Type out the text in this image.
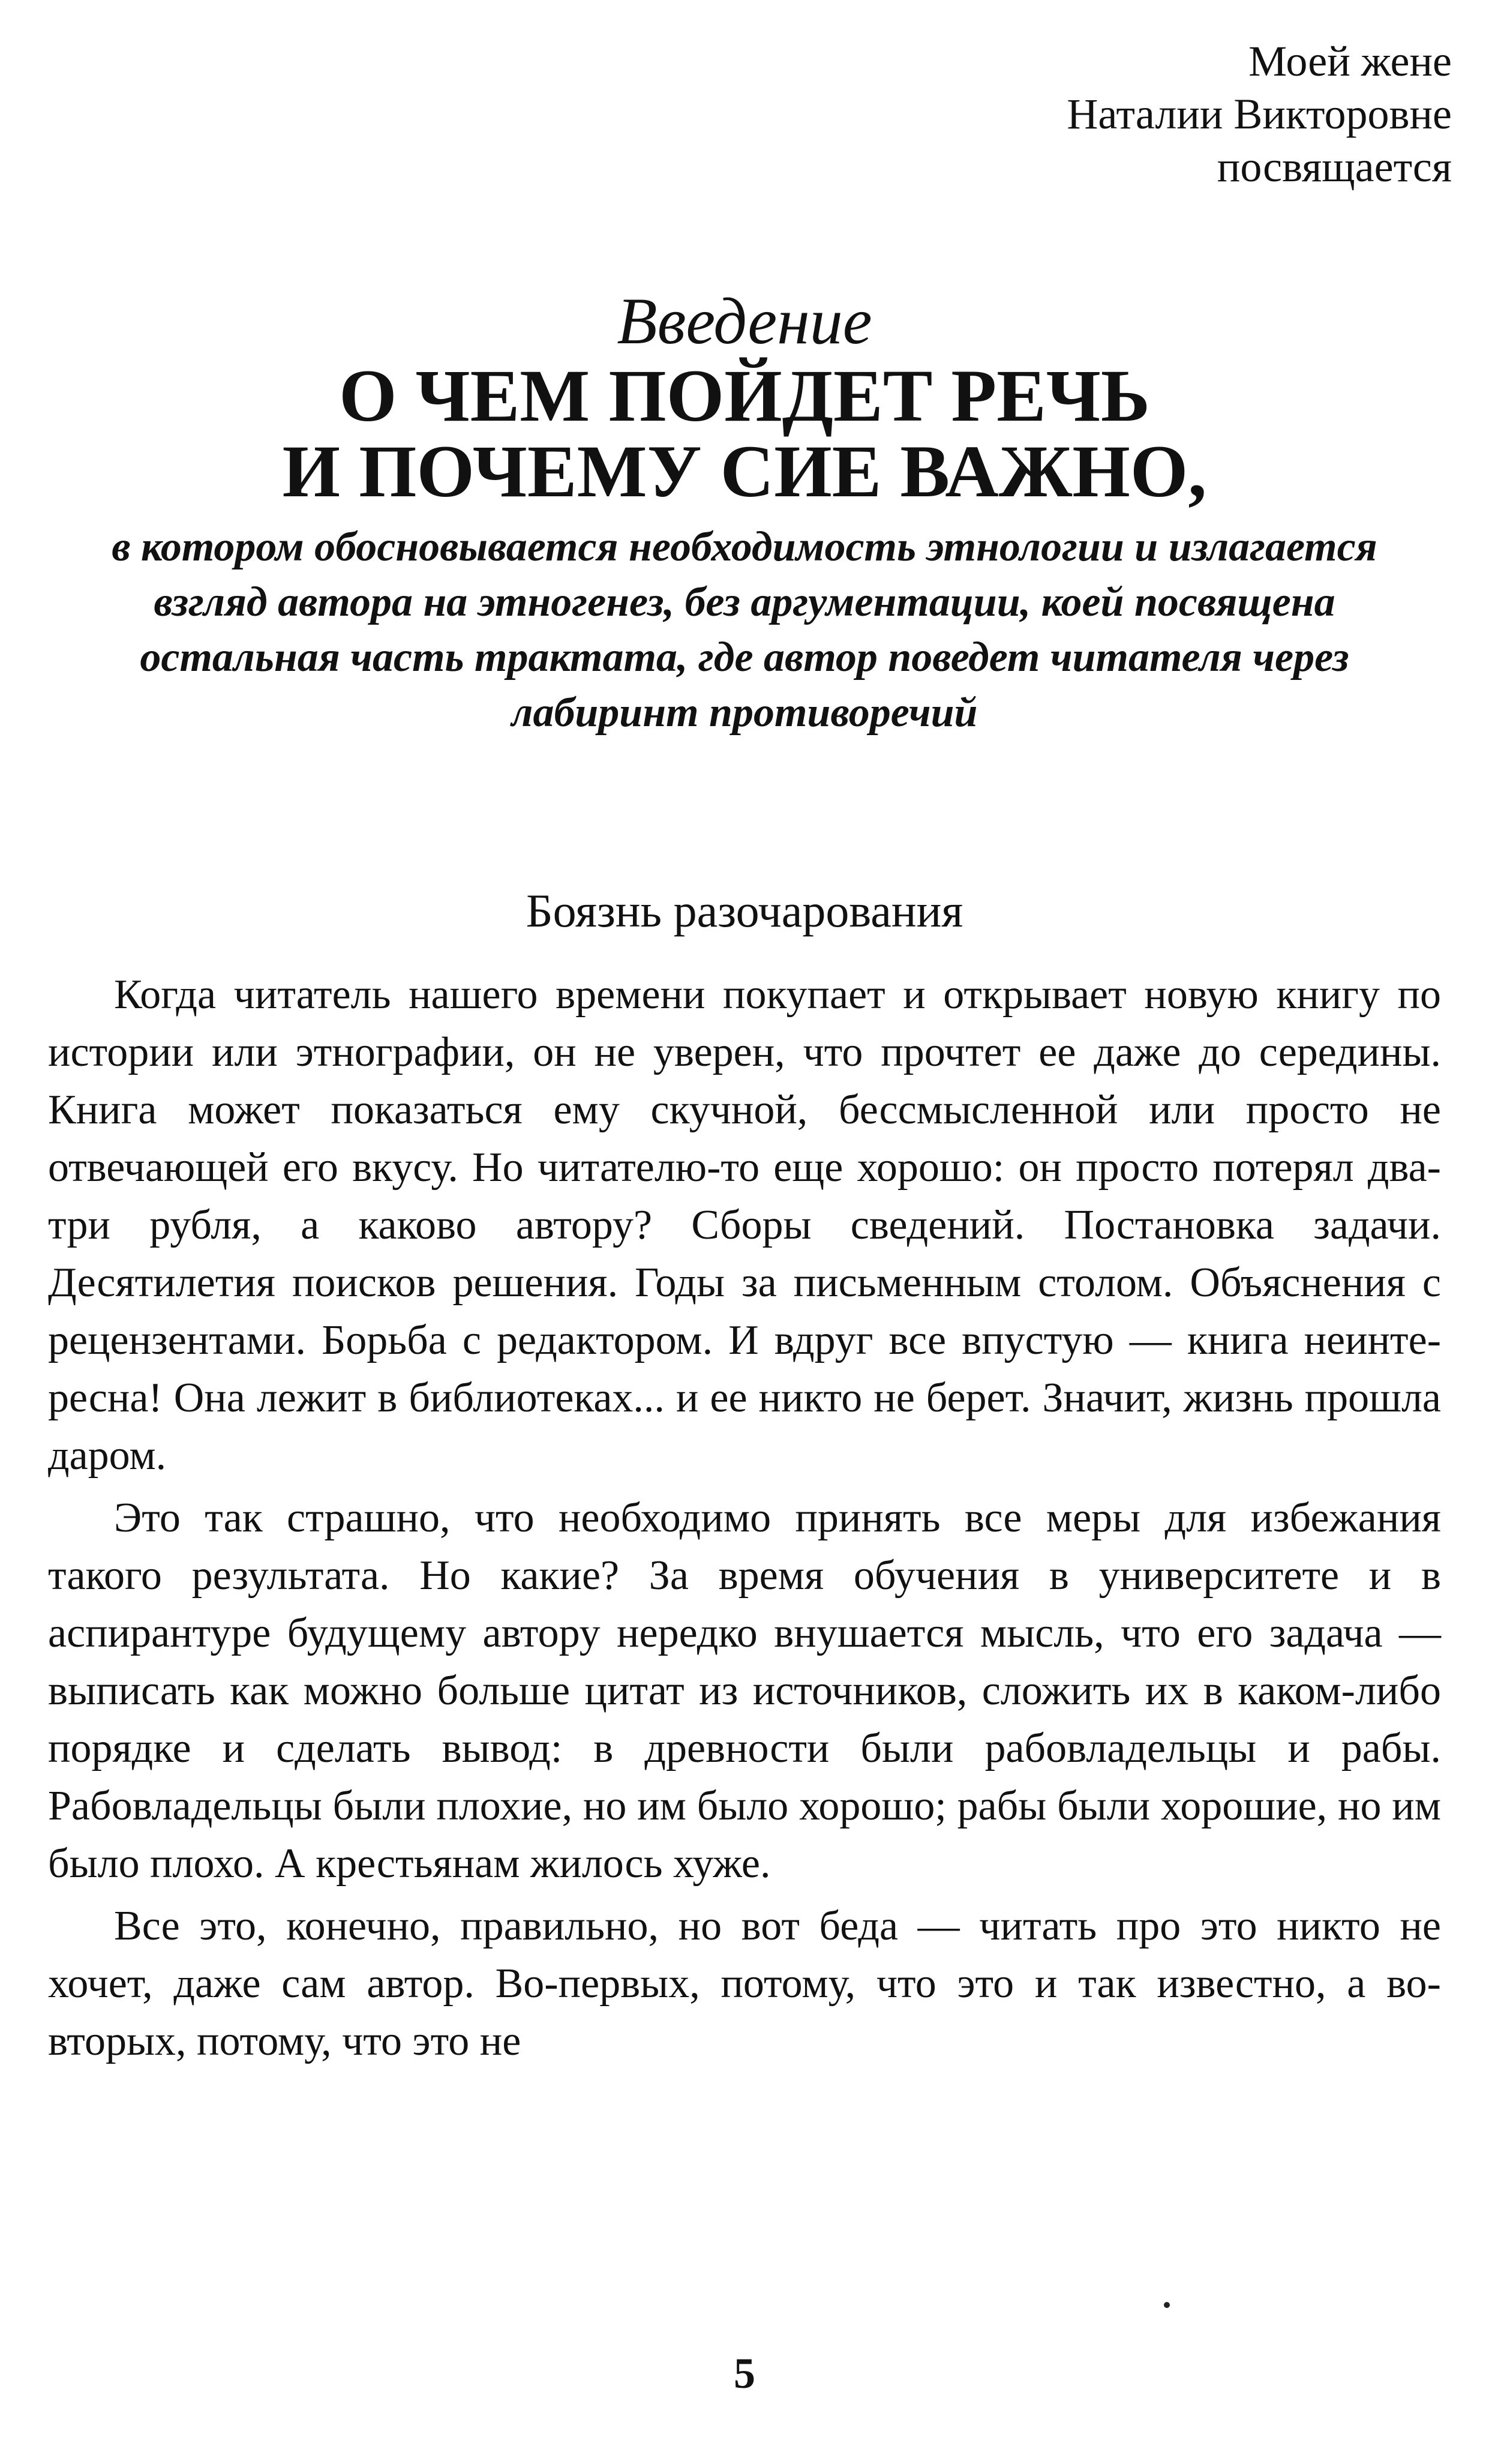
Моей жене
Наталии Викторовне
посвящается
Введение
О ЧЕМ ПОЙДЕТ РЕЧЬ
И ПОЧЕМУ СИЕ ВАЖНО,
в котором обосновывается необходимость этнологии и излагается взгляд автора на этногенез, без аргументации, коей посвящена остальная часть трактата, где автор поведет читателя через лабиринт противоречий
Боязнь разочарования

Когда читатель нашего времени покупает и открывает новую книгу по истории или этнографии, он не уверен, что прочтет ее даже до середины. Книга может показаться ему скучной, бессмысленной или просто не отвечающей его вкусу. Но читателю-то еще хорошо: он просто потерял два-три рубля, а каково автору? Сборы сведений. Постановка задачи. Десятилетия поисков решения. Годы за письменным столом. Объяснения с рецензентами. Борьба с редактором. И вдруг все впустую — книга неинтересна! Она лежит в библиотеках... и ее никто не берет. Значит, жизнь прошла даром.

Это так страшно, что необходимо принять все меры для избежания такого результата. Но какие? За время обучения в университете и в аспирантуре будущему автору нередко внушается мысль, что его задача — выписать как можно больше цитат из источников, сложить их в каком-либо порядке и сделать вывод: в древности были рабовладельцы и рабы. Рабовладельцы были плохие, но им было хорошо; рабы были хорошие, но им было плохо. А крестьянам жилось хуже.

Все это, конечно, правильно, но вот беда — читать про это никто не хочет, даже сам автор. Во-первых, потому, что это и так известно, а во-вторых, потому, что это не

5
